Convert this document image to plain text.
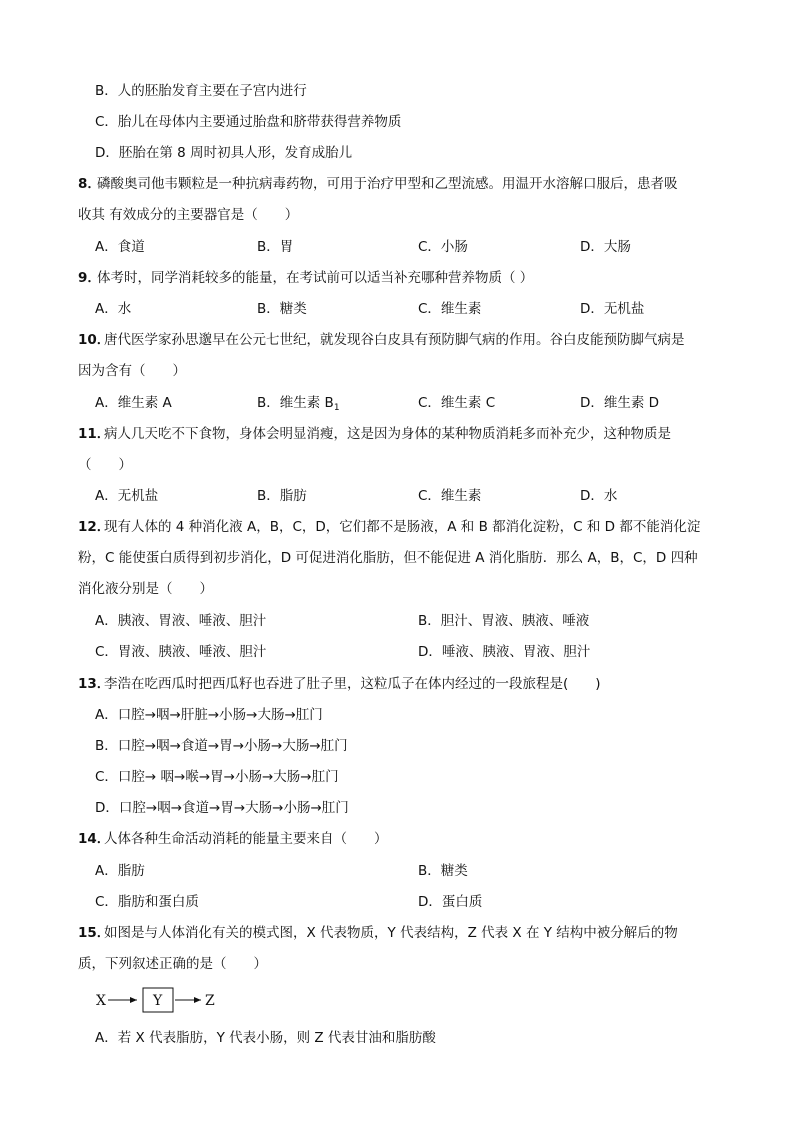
B．人的胚胎发育主要在子宫内进行
C．胎儿在母体内主要通过胎盘和脐带获得营养物质
D．胚胎在第 8 周时初具人形，发育成胎儿
8．
磷酸奥司他韦颗粒是一种抗病毒药物，可用于治疗甲型和乙型流感。用温开水溶解口服后，患者吸
收其 有效成分的主要器官是（　　）
A．食道	B．胃	C．小肠	D．大肠
9．
体考时，同学消耗较多的能量，在考试前可以适当补充哪种营养物质（ ）
A．水	B．糖类	C．维生素	D．无机盐
10．
唐代医学家孙思邈早在公元七世纪，就发现谷白皮具有预防脚气病的作用。谷白皮能预防脚气病是
因为含有（　　）
A．维生素 A	B．维生素 $B_1$	C．维生素 C	D．维生素 D
11．
病人几天吃不下食物，身体会明显消瘦，这是因为身体的某种物质消耗多而补充少，这种物质是
（　　）
A．无机盐	B．脂肪	C．维生素	D．水
12．
现有人体的 4 种消化液 A，B，C，D，它们都不是肠液，A 和 B 都消化淀粉，C 和 D 都不能消化淀
粉，C 能使蛋白质得到初步消化，D 可促进消化脂肪，但不能促进 A 消化脂肪．那么 A，B，C，D 四种
消化液分别是（　　）
A．胰液、胃液、唾液、胆汁	B．胆汁、胃液、胰液、唾液
C．胃液、胰液、唾液、胆汁	D．唾液、胰液、胃液、胆汁
13．
李浩在吃西瓜时把西瓜籽也吞进了肚子里，这粒瓜子在体内经过的一段旅程是(　　)
A．口腔→咽→肝脏→小肠→大肠→肛门
B．口腔→咽→食道→胃→小肠→大肠→肛门
C．口腔→ 咽→喉→胃→小肠→大肠→肛门
D．口腔→咽→食道→胃→大肠→小肠→肛门
14．
人体各种生命活动消耗的能量主要来自（　　）
A．脂肪	B．糖类
C．脂肪和蛋白质	D．蛋白质
15．
如图是与人体消化有关的模式图，X 代表物质，Y 代表结构，Z 代表 X 在 Y 结构中被分解后的物
质，下列叙述正确的是（　　）
X	Y	Z
A．若 X 代表脂肪，Y 代表小肠，则 Z 代表甘油和脂肪酸
